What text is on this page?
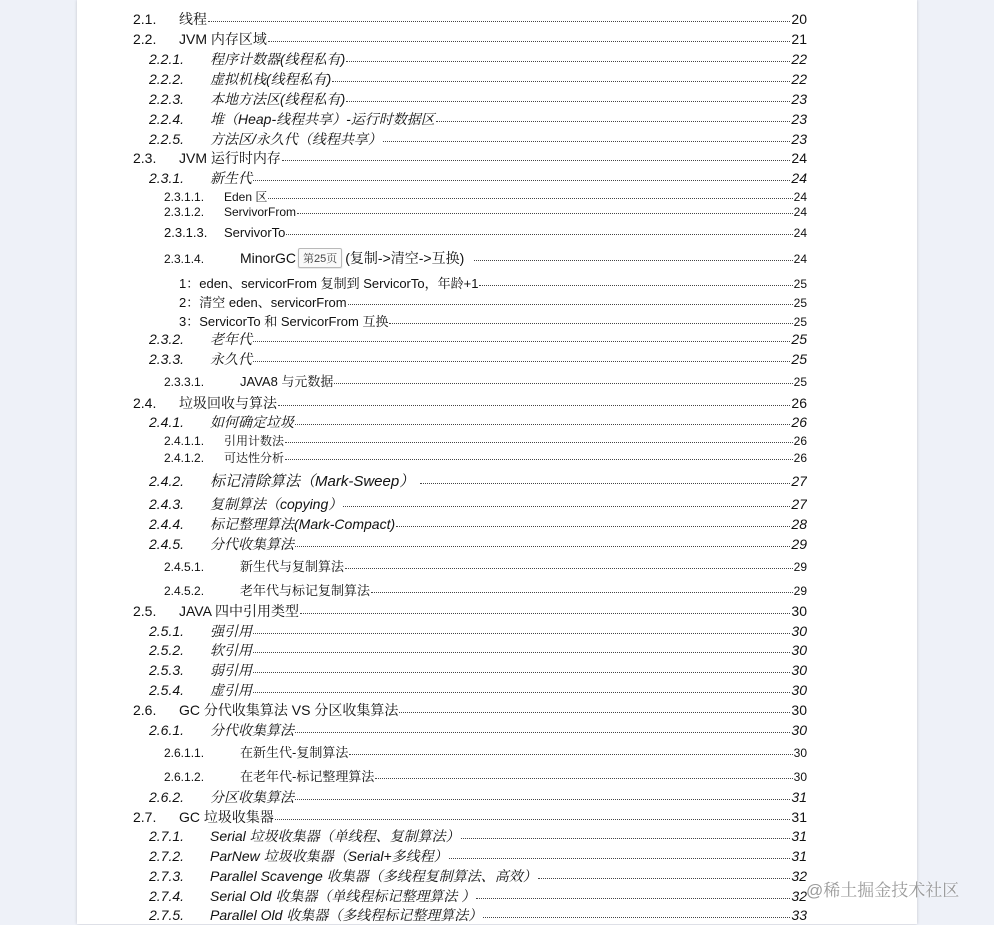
2.1.	线程	20
2.2.	JVM 内存区域	21
2.2.1.	程序计数器(线程私有)	22
2.2.2.	虚拟机栈(线程私有)	22
2.2.3.	本地方法区(线程私有)	23
2.2.4.	堆（Heap-线程共享）-运行时数据区	23
2.2.5.	方法区/永久代（线程共享）	23
2.3.	JVM 运行时内存	24
2.3.1.	新生代	24
2.3.1.1.	Eden 区	24
2.3.1.2.	ServivorFrom	24
2.3.1.3.	ServivorTo	24
2.3.1.4.	MinorGC 第25页 (复制->清空->互换)	24
1：eden、servicorFrom 复制到 ServicorTo，年龄+1	25
2：清空 eden、servicorFrom	25
3：ServicorTo 和 ServicorFrom 互换	25
2.3.2.	老年代	25
2.3.3.	永久代	25
2.3.3.1.	JAVA8 与元数据	25
2.4.	垃圾回收与算法	26
2.4.1.	如何确定垃圾	26
2.4.1.1.	引用计数法	26
2.4.1.2.	可达性分析	26
2.4.2.	标记清除算法（Mark-Sweep）	27
2.4.3.	复制算法（copying）	27
2.4.4.	标记整理算法(Mark-Compact)	28
2.4.5.	分代收集算法	29
2.4.5.1.	新生代与复制算法	29
2.4.5.2.	老年代与标记复制算法	29
2.5.	JAVA 四中引用类型	30
2.5.1.	强引用	30
2.5.2.	软引用	30
2.5.3.	弱引用	30
2.5.4.	虚引用	30
2.6.	GC 分代收集算法 VS 分区收集算法	30
2.6.1.	分代收集算法	30
2.6.1.1.	在新生代-复制算法	30
2.6.1.2.	在老年代-标记整理算法	30
2.6.2.	分区收集算法	31
2.7.	GC 垃圾收集器	31
2.7.1.	Serial 垃圾收集器（单线程、复制算法）	31
2.7.2.	ParNew 垃圾收集器（Serial+多线程）	31
2.7.3.	Parallel Scavenge 收集器（多线程复制算法、高效）	32
2.7.4.	Serial Old 收集器（单线程标记整理算法 ）	32
2.7.5.	Parallel Old 收集器（多线程标记整理算法）	33
@稀土掘金技术社区
